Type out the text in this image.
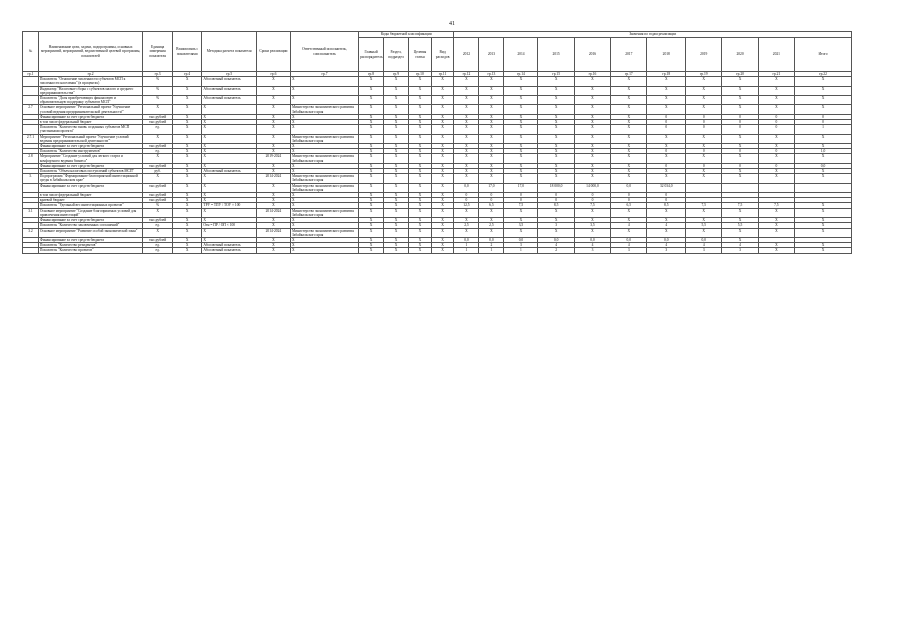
41
№	Наименование цели, задачи, подпрограммы, основных мероприятий, мероприятий, ведомственной целевой программы, показателей	Единица измерения показателя	Взаимосвязь с показателями	Методика расчета показателя	Сроки реализации	Ответственный исполнитель, соисполнитель	Коды бюджетной классификации				Значения по годам реализации										
							Главный распорядитель	Раздел, подраздел	Целевая статья	Вид расходов	2012	2013	2014	2015	2016	2017	2018	2019	2020	2021	Итого
гр.1	гр.2	гр.3	гр.4	гр.5	гр.6	гр.7	гр.8	гр.9	гр.10	гр.11	гр.12	гр.13	гр.14	гр.15	гр.16	гр.17	гр.18	гр.19	гр.20	гр.21	гр.22
	Показатель "Отношение численности субъектов МСП к численности населения" (в процентах)	%	X	Абсолютный показатель	X	X	X	X	X	X	X	X	X	X	X	X	X	X	X	X	X
	Индикатор "Налоговые сборы с субъектов малого и среднего предпринимательства"	%	X	Абсолютный показатель	X	X	X	X	X	X	X	X	X	X	X	X	X	X	X	X	X
	Показатель "Доля приобретающих финансовую и образовательную поддержку субъектов МСП"	%	X	Абсолютный показатель	X	X	X	X	X	X	X	X	X	X	X	X	X	X	X	X	X
2.7	Основное мероприятие "Региональный проект 'Улучшение условий ведения предпринимательской деятельности'"	X	X	X	X	Министерство экономического развития Забайкальского края	X	X	X	X	X	X	X	X	X	X	X	X	X	X	X
	Финансирование за счет средств бюджета	тыс.рублей	X	X	X	X	X	X	X	X	X	X	X	X	X	X	0	0	0	0	0
	в том числе федеральный бюджет	тыс.рублей	X	X	X	X	X	X	X	X	X	X	X	X	X	X	0	0	0	0	0
	Показатель "Количество вновь созданных субъектов МСП участниками проекта"	ед.	X	X	X	X	X	X	X	X	X	X	X	X	X	X	0	0	0	0	1
2.7.1	Мероприятие "Региональный проект 'Улучшение условий ведения предпринимательской деятельности'"	X	X	X	X	Министерство экономического развития Забайкальского края	X	X	X	X	X	X	X	X	X	X	X	X	X	X	X
	Финансирование за счет средств бюджета	тыс.рублей	X	X	X	X	X	X	X	X	X	X	X	X	X	X	X	X	X	X	X
	Показатель "Количество инструментов"	ед.	X	X	X	X	X	X	X	X	X	X	X	X	X	X	0	0	0	0	1,0
2.8	Мероприятие "Создание условий для легкого старта и комфортного ведения бизнеса"	X	X	X	2019-2024	Министерство экономического развития Забайкальского края	X	X	X	X	X	X	X	X	X	X	X	X	X	X	X
	Финансирование за счет средств бюджета	тыс.рублей	X	X	X	X	X	X	X	X	X	X	X	X	X	X	0	0	0	0	0,0
	Показатель "Объем налоговых поступлений субъектов МСП"	руб.	X	Абсолютный показатель	X	X	X	X	X	X	X	X	X	X	X	X	X	X	X	X	X
3.	Подпрограмма "Формирование благоприятной инвестиционной среды в Забайкальском крае"	X	X	X	2014-2024	Министерство экономического развития Забайкальского края	X	X	X	X	X	X	X	X	X	X	X	X	X	X	X
	Финансирование за счет средств бюджета	тыс.рублей	X	X	X	Министерство экономического развития Забайкальского края	X	X	X	X	0,0	17,0	17,0	18 000,0	14 000,0	0,0	32 034,0				
	в том числе федеральный бюджет	тыс.рублей	X	X	X	X	X	X	X	X	0	0	0	0	0	0	0				
	краевой бюджет	тыс.рублей	X	X	X	X	X	X	X	X	0	0	0	0	0	0	0				
	Показатель "Удельный вес инвестиционных проектов"	%	X	ТРУ = ТПУ / ТОУ × 100	X	X	X	X	X	X	12,5	6,5	7,5	8,5	7,5	6,5	8,5	7,5	7,5	7,5	X
3.1	Основное мероприятие "Создание благоприятных условий для привлечения инвестиций"	X	X	X	2014-2024	Министерство экономического развития Забайкальского края	X	X	X	X	X	X	X	X	X	X	X	X	X	X	X
	Финансирование за счет средств бюджета	тыс.рублей	X	X	X	X	X	X	X	X	X	X	X	X	X	X	X	X	X	X	X
	Показатель "Количество заключенных соглашений"	ед.	X	Отн = ПР / ОП × 100	X	X	X	X	X	X	2,5	2,5	3,5	3	3,5	4	4	5,5	5,5	X	X
3.2	Основное мероприятие "Развитие особой экономической зоны"	X	X	X	2014-2024	Министерство экономического развития Забайкальского края	X	X	X	X	X	X	X	X	X	X	X	X	X	X	X
	Финансирование за счет средств бюджета	тыс.рублей	X	X	X	X	X	X	X	X	0,0	0,0	0,0	0,0	0,0	0,0	0,0	0,0	X		
	Показатель "Количество резидентов"	ед.	X	Абсолютный показатель	X	X	X	X	X	X	1	2	3	4	4	4	4	4	4	X	X
	Показатель "Количество проектов"	ед.	X	Абсолютный показатель	X	X	X	X	X	X	1	1	1	2	3	3	3	3	3	X	X
